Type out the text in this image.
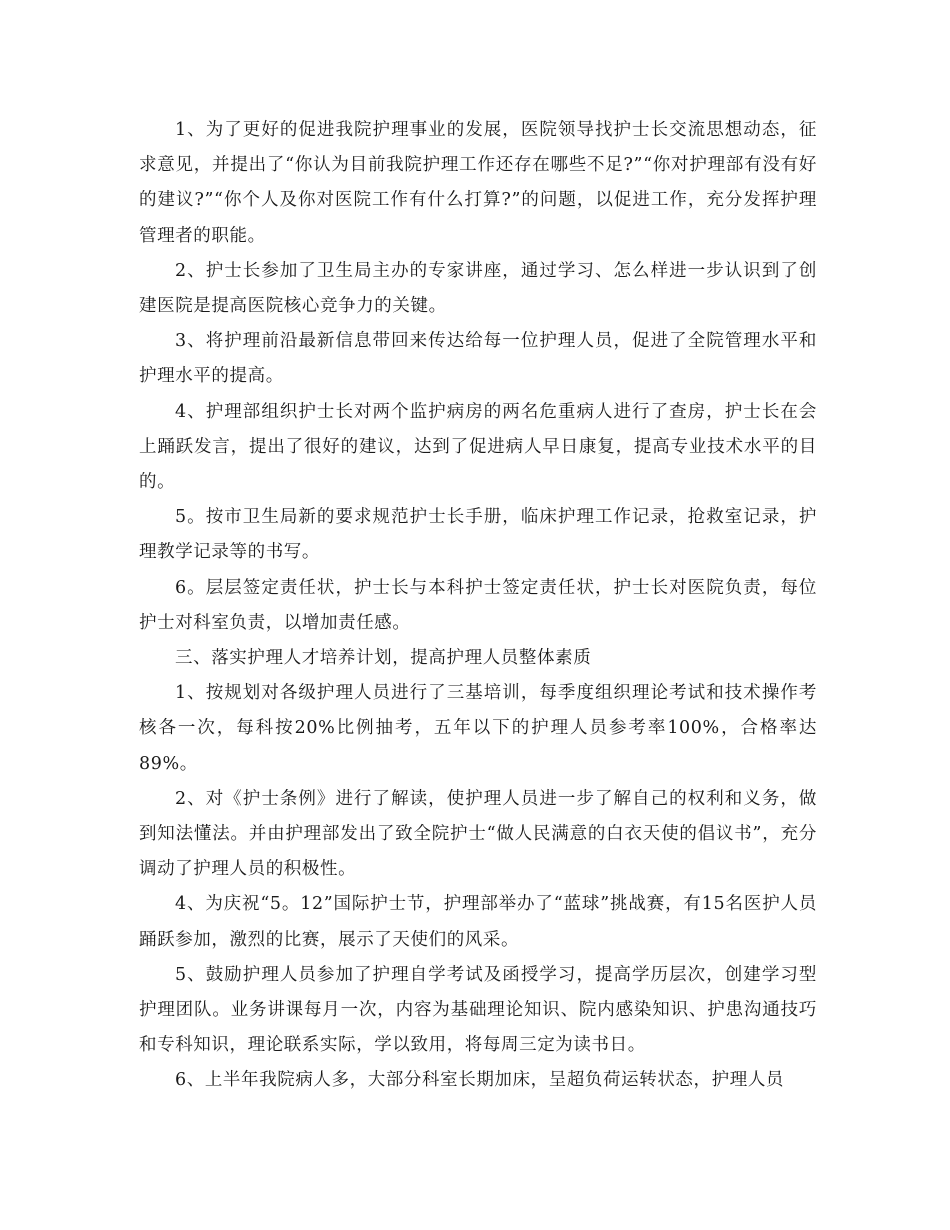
1、为了更好的促进我院护理事业的发展，医院领导找护士长交流思想动态，征求意见，并提出了“你认为目前我院护理工作还存在哪些不足?”“你对护理部有没有好的建议?”“你个人及你对医院工作有什么打算?”的问题，以促进工作，充分发挥护理管理者的职能。

2、护士长参加了卫生局主办的专家讲座，通过学习、怎么样进一步认识到了创建医院是提高医院核心竞争力的关键。

3、将护理前沿最新信息带回来传达给每一位护理人员，促进了全院管理水平和护理水平的提高。

4、护理部组织护士长对两个监护病房的两名危重病人进行了查房，护士长在会上踊跃发言，提出了很好的建议，达到了促进病人早日康复，提高专业技术水平的目的。

5。按市卫生局新的要求规范护士长手册，临床护理工作记录，抢救室记录，护理教学记录等的书写。

6。层层签定责任状，护士长与本科护士签定责任状，护士长对医院负责，每位护士对科室负责，以增加责任感。

三、落实护理人才培养计划，提高护理人员整体素质

1、按规划对各级护理人员进行了三基培训，每季度组织理论考试和技术操作考核各一次，每科按20%比例抽考，五年以下的护理人员参考率100%，合格率达89%。

2、对《护士条例》进行了解读，使护理人员进一步了解自己的权利和义务，做到知法懂法。并由护理部发出了致全院护士“做人民满意的白衣天使的倡议书”，充分调动了护理人员的积极性。

4、为庆祝“5。12”国际护士节，护理部举办了“蓝球”挑战赛，有15名医护人员踊跃参加，激烈的比赛，展示了天使们的风采。

5、鼓励护理人员参加了护理自学考试及函授学习，提高学历层次，创建学习型护理团队。业务讲课每月一次，内容为基础理论知识、院内感染知识、护患沟通技巧和专科知识，理论联系实际，学以致用，将每周三定为读书日。

6、上半年我院病人多，大部分科室长期加床，呈超负荷运转状态，护理人员
